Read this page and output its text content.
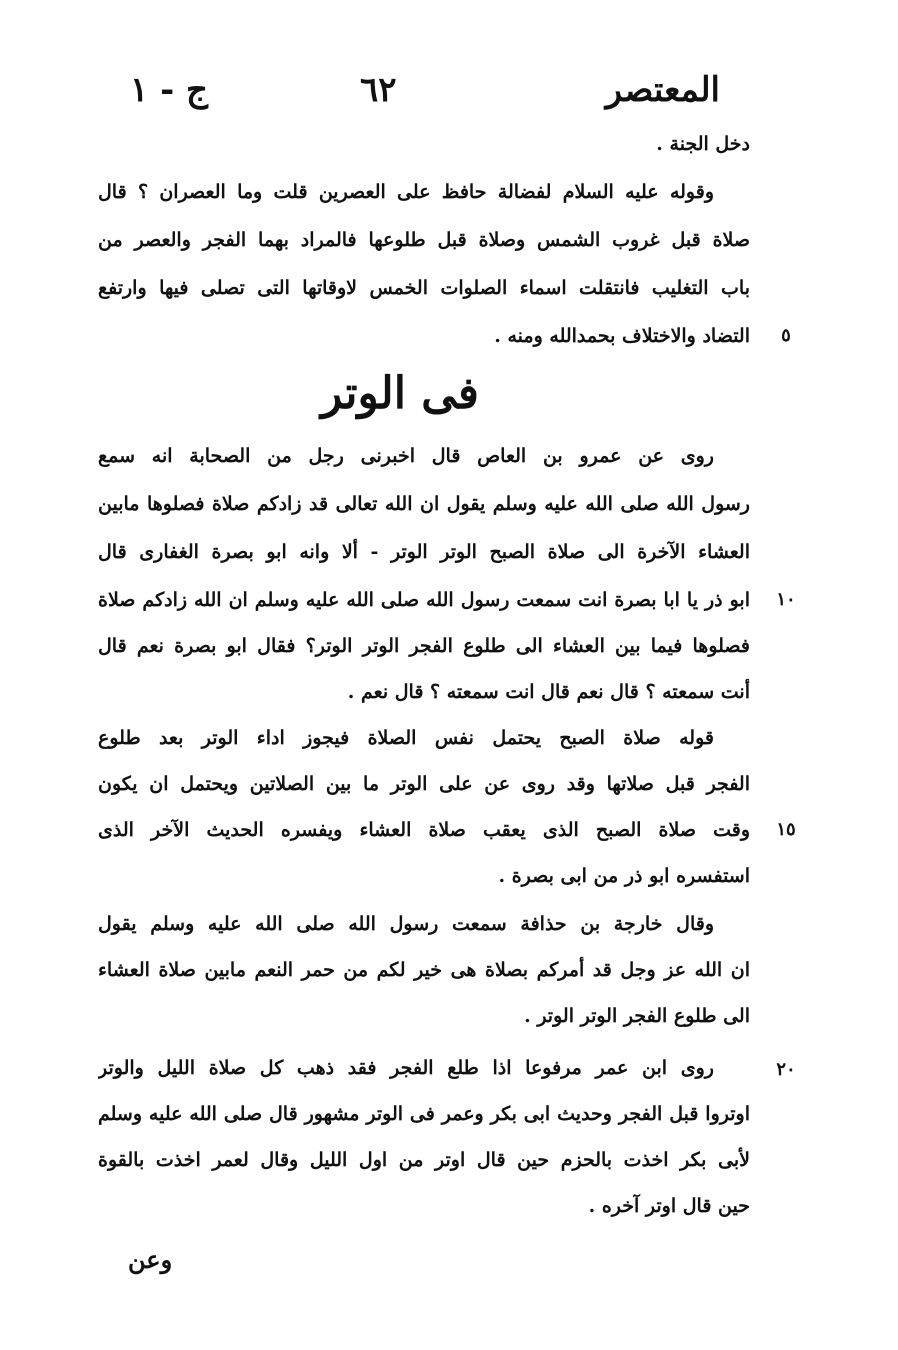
المعتصر
٦٢
ج - ١
دخل الجنة .
وقوله عليه السلام لفضالة حافظ على العصرين قلت وما العصران ؟ قال
صلاة قبل غروب الشمس وصلاة قبل طلوعها فالمراد بهما الفجر والعصر من
باب التغليب فانتقلت اسماء الصلوات الخمس لاوقاتها التى تصلى فيها وارتفع
التضاد والاختلاف بحمدالله ومنه .	٥
فى الوتر
روى عن عمرو بن العاص قال اخبرنى رجل من الصحابة انه سمع
رسول الله صلى الله عليه وسلم يقول ان الله تعالى قد زادكم صلاة فصلوها مابين
العشاء الآخرة الى صلاة الصبح الوتر الوتر - ألا وانه ابو بصرة الغفارى قال
ابو ذر يا ابا بصرة انت سمعت رسول الله صلى الله عليه وسلم ان الله زادكم صلاة	١٠
فصلوها فيما بين العشاء الى طلوع الفجر الوتر الوتر؟ فقال ابو بصرة نعم قال
أنت سمعته ؟ قال نعم قال انت سمعته ؟ قال نعم .
قوله صلاة الصبح يحتمل نفس الصلاة فيجوز اداء الوتر بعد طلوع
الفجر قبل صلاتها وقد روى عن على الوتر ما بين الصلاتين ويحتمل ان يكون
وقت صلاة الصبح الذى يعقب صلاة العشاء ويفسره الحديث الآخر الذى	١٥
استفسره ابو ذر من ابى بصرة .
وقال خارجة بن حذافة سمعت رسول الله صلى الله عليه وسلم يقول
ان الله عز وجل قد أمركم بصلاة هى خير لكم من حمر النعم مابين صلاة العشاء
الى طلوع الفجر الوتر الوتر .
روى ابن عمر مرفوعا اذا طلع الفجر فقد ذهب كل صلاة الليل والوتر	٢٠
اوتروا قبل الفجر وحديث ابى بكر وعمر فى الوتر مشهور قال صلى الله عليه وسلم
لأبى بكر اخذت بالحزم حين قال اوتر من اول الليل وقال لعمر اخذت بالقوة
حين قال اوتر آخره .
وعن
